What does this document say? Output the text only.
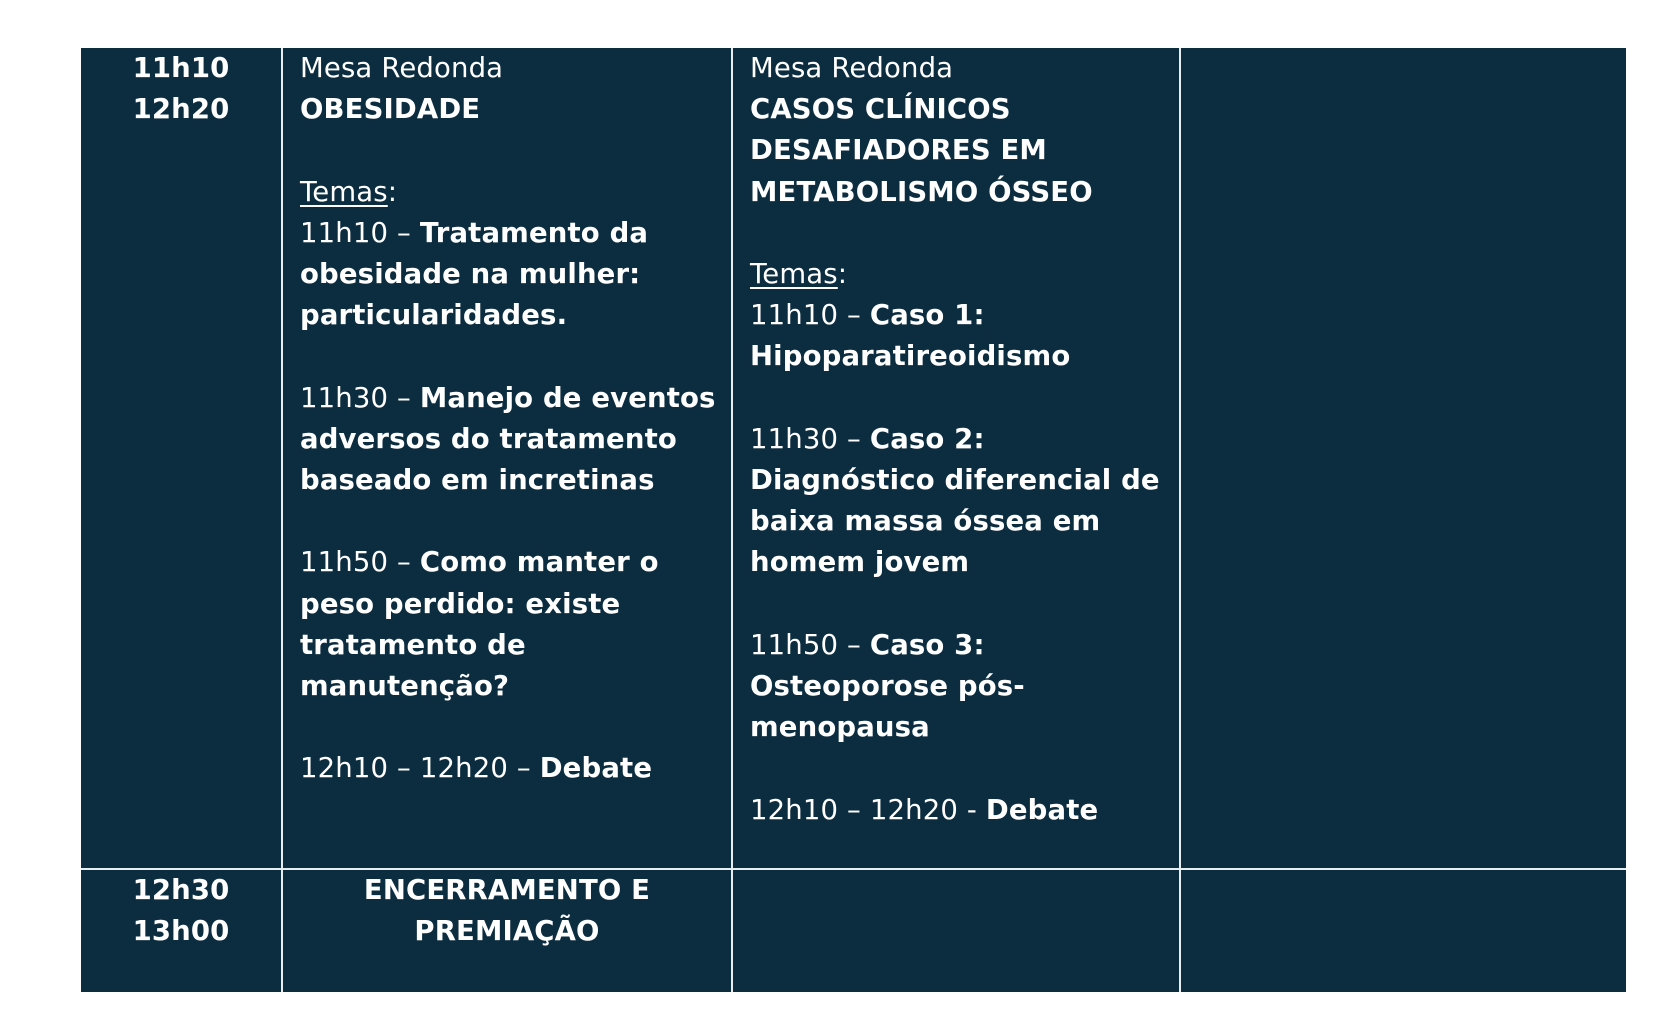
11h10
12h20
Mesa Redonda
OBESIDADE
Temas:
11h10 – Tratamento da
obesidade na mulher:
particularidades.
11h30 – Manejo de eventos
adversos do tratamento
baseado em incretinas
11h50 – Como manter o
peso perdido: existe
tratamento de
manutenção?
12h10 – 12h20 – Debate
Mesa Redonda
CASOS CLÍNICOS
DESAFIADORES EM
METABOLISMO ÓSSEO
Temas:
11h10 – Caso 1:
Hipoparatireoidismo
11h30 – Caso 2:
Diagnóstico diferencial de
baixa massa óssea em
homem jovem
11h50 – Caso 3:
Osteoporose pós-
menopausa
12h10 – 12h20 - Debate
12h30
13h00
ENCERRAMENTO E
PREMIAÇÃO
